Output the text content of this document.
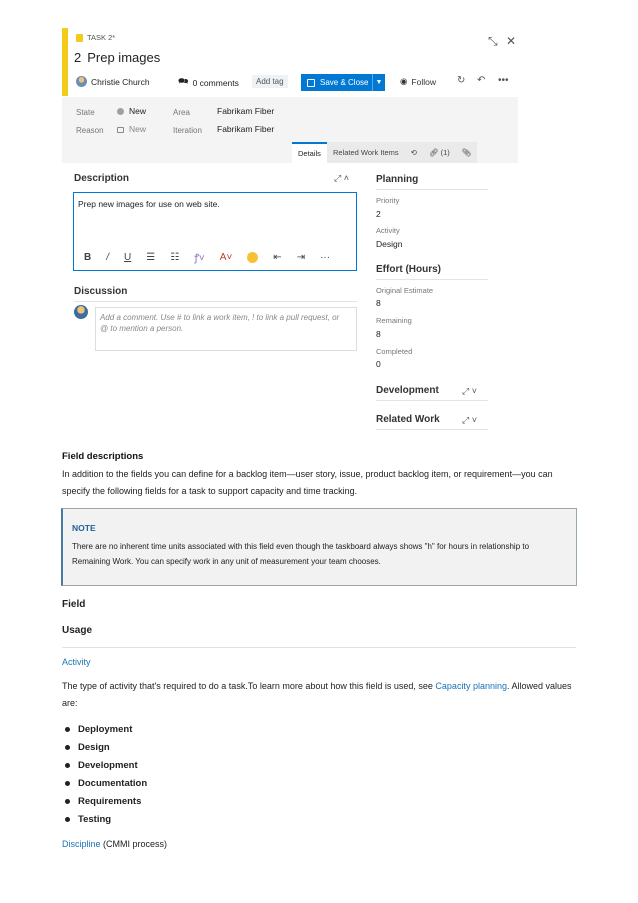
TASK 2*
2 Prep images
⤡ ✕
Christie Church	🗪 0 comments	Add tag	Save & Close	▼ ◉ Follow ↻ ↶ •••
State	New
Reason	New
Area	Fabrikam Fiber
Iteration Fabrikam Fiber
Details	Related Work Items	⟲ 🔗︎
(1) 📎︎
Description	⤢ ˄
Prep new images for use on web site.
B / U ☰ ☷ ꝭ˅ A˅	⇤ ⇥ ···
Discussion
Add a comment. Use # to link a work item, ! to link a pull request, or @ to mention a person.
Planning
Priority
2
Activity
Design
Effort (Hours)
Original Estimate
8
Remaining
8
Completed
0
Development	⤢ ˅
Related Work ⤢ ˅
Field descriptions

In addition to the fields you can define for a backlog item—user story, issue, product backlog item, or requirement—you can specify the following fields for a task to support capacity and time tracking.

NOTE

There are no inherent time units associated with this field even though the taskboard always shows "h" for hours in relationship to Remaining Work. You can specify work in any unit of measurement your team chooses.

Field
Usage
Activity

The type of activity that's required to do a task.To learn more about how this field is used, see Capacity planning. Allowed values are:

Deployment
Design
Development
Documentation
Requirements
Testing

Discipline (CMMI process)
